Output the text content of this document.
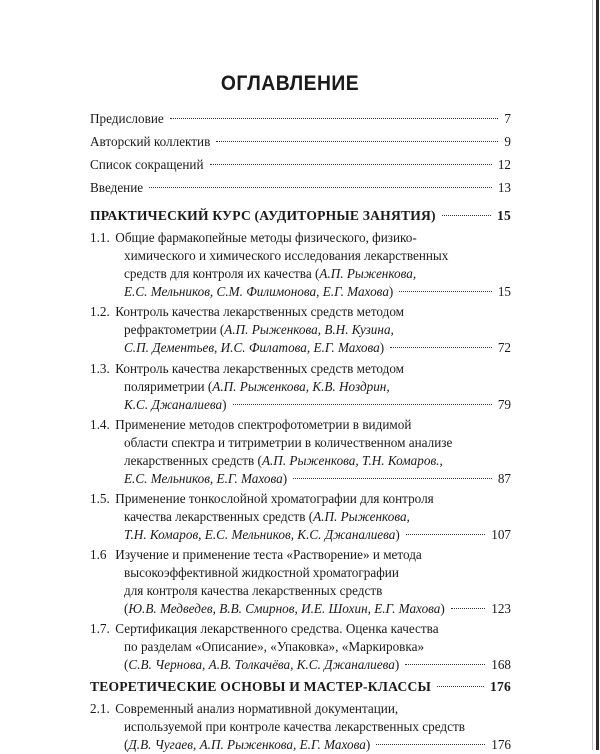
ОГЛАВЛЕНИЕ
Предисловие	7
Авторский коллектив	9
Список сокращений	12
Введение	13
ПРАКТИЧЕСКИЙ КУРС (АУДИТОРНЫЕ ЗАНЯТИЯ)	15
1.1. Общие фармакопейные методы физического, физико-
химического и химического исследования лекарственных
средств для контроля их качества (А.П. Рыженкова,
Е.С. Мельников, С.М. Филимонова, Е.Г. Махова)	15
1.2. Контроль качества лекарственных средств методом
рефрактометрии (А.П. Рыженкова, В.Н. Кузина,
С.П. Дементьев, И.С. Филатова, Е.Г. Махова)	72
1.3. Контроль качества лекарственных средств методом
поляриметрии (А.П. Рыженкова, К.В. Ноздрин,
К.С. Джаналиева)	79
1.4. Применение методов спектрофотометрии в видимой
области спектра и титриметрии в количественном анализе
лекарственных средств (А.П. Рыженкова, Т.Н. Комаров.,
Е.С. Мельников, Е.Г. Махова)	87
1.5. Применение тонкослойной хроматографии для контроля
качества лекарственных средств (А.П. Рыженкова,
Т.Н. Комаров, Е.С. Мельников, К.С. Джаналиева)	107
1.6 Изучение и применение теста «Растворение» и метода
высокоэффективной жидкостной хроматографии
для контроля качества лекарственных средств
(Ю.В. Медведев, В.В. Смирнов, И.Е. Шохин, Е.Г. Махова)	123
1.7. Сертификация лекарственного средства. Оценка качества
по разделам «Описание», «Упаковка», «Маркировка»
(С.В. Чернова, А.В. Толкачёва, К.С. Джаналиева)	168
ТЕОРЕТИЧЕСКИЕ ОСНОВЫ И МАСТЕР-КЛАССЫ	176
2.1. Современный анализ нормативной документации,
используемой при контроле качества лекарственных средств
(Д.В. Чугаев, А.П. Рыженкова, Е.Г. Махова)	176
